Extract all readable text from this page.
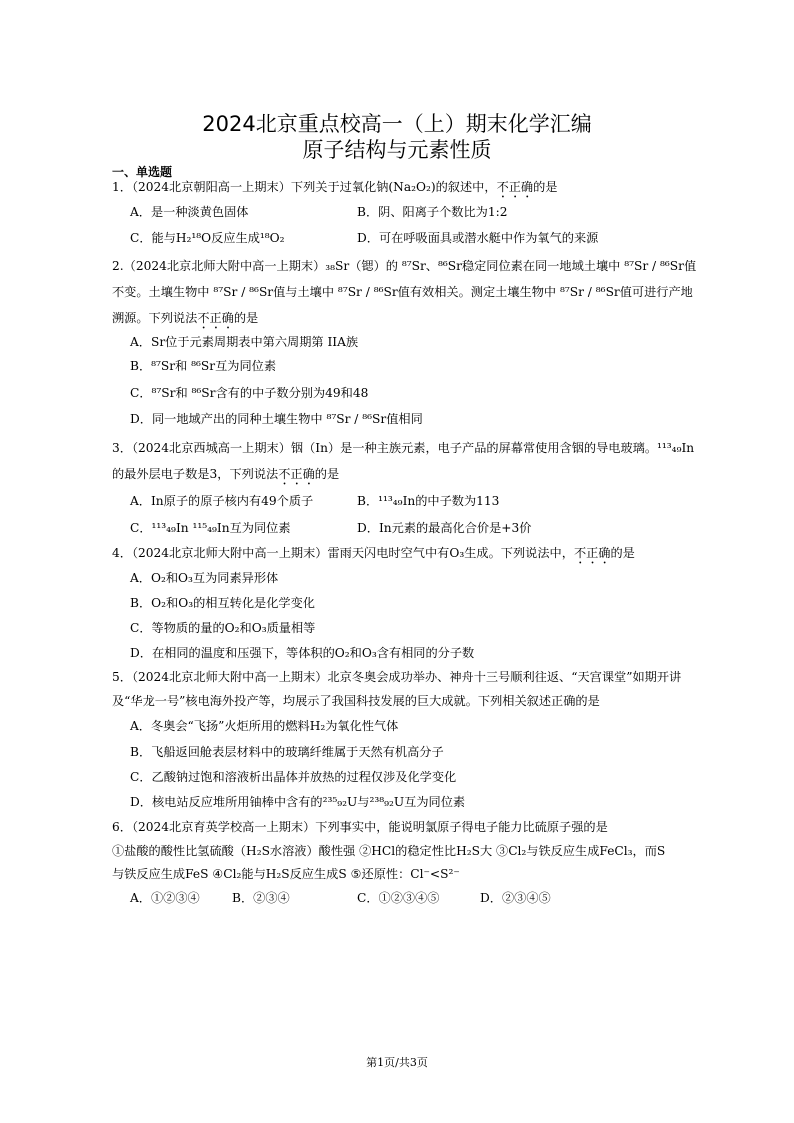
2024北京重点校高一（上）期末化学汇编
原子结构与元素性质
一、单选题
1．（2024北京朝阳高一上期末）下列关于过氧化钠(Na₂O₂)的叙述中，不正确的是
A．是一种淡黄色固体	B．阴、阳离子个数比为1:2
C．能与H₂¹⁸O反应生成¹⁸O₂	D．可在呼吸面具或潜水艇中作为氧气的来源
2.（2024北京北师大附中高一上期末）₃₈Sr（锶）的 ⁸⁷Sr、⁸⁶Sr稳定同位素在同一地域土壤中 ⁸⁷Sr / ⁸⁶Sr值
不变。土壤生物中 ⁸⁷Sr / ⁸⁶Sr值与土壤中 ⁸⁷Sr / ⁸⁶Sr值有效相关。测定土壤生物中 ⁸⁷Sr / ⁸⁶Sr值可进行产地
溯源。下列说法不正确的是
A．Sr位于元素周期表中第六周期第 IIA族
B．⁸⁷Sr和 ⁸⁶Sr互为同位素
C．⁸⁷Sr和 ⁸⁶Sr含有的中子数分别为49和48
D．同一地域产出的同种土壤生物中 ⁸⁷Sr / ⁸⁶Sr值相同
3．（2024北京西城高一上期末）铟（In）是一种主族元素，电子产品的屏幕常使用含铟的导电玻璃。¹¹³₄₉In
的最外层电子数是3，下列说法不正确的是
A．In原子的原子核内有49个质子	B．¹¹³₄₉In的中子数为113
C．¹¹³₄₉In ¹¹⁵₄₉In互为同位素	D．In元素的最高化合价是+3价
4．（2024北京北师大附中高一上期末）雷雨天闪电时空气中有O₃生成。下列说法中，不正确的是
A．O₂和O₃互为同素异形体
B．O₂和O₃的相互转化是化学变化
C．等物质的量的O₂和O₃质量相等
D．在相同的温度和压强下，等体积的O₂和O₃含有相同的分子数
5．（2024北京北师大附中高一上期末）北京冬奥会成功举办、神舟十三号顺利往返、“天宫课堂”如期开讲
及“华龙一号”核电海外投产等，均展示了我国科技发展的巨大成就。下列相关叙述正确的是
A．冬奥会“飞扬”火炬所用的燃料H₂为氧化性气体
B．飞船返回舱表层材料中的玻璃纤维属于天然有机高分子
C．乙酸钠过饱和溶液析出晶体并放热的过程仅涉及化学变化
D．核电站反应堆所用铀棒中含有的²³⁵₉₂U与²³⁸₉₂U互为同位素
6．（2024北京育英学校高一上期末）下列事实中，能说明氯原子得电子能力比硫原子强的是
①盐酸的酸性比氢硫酸（H₂S水溶液）酸性强 ②HCl的稳定性比H₂S大 ③Cl₂与铁反应生成FeCl₃，而S
与铁反应生成FeS ④Cl₂能与H₂S反应生成S ⑤还原性：Cl⁻<S²⁻
A．①②③④	B．②③④	C．①②③④⑤	D．②③④⑤
第1页/共3页
